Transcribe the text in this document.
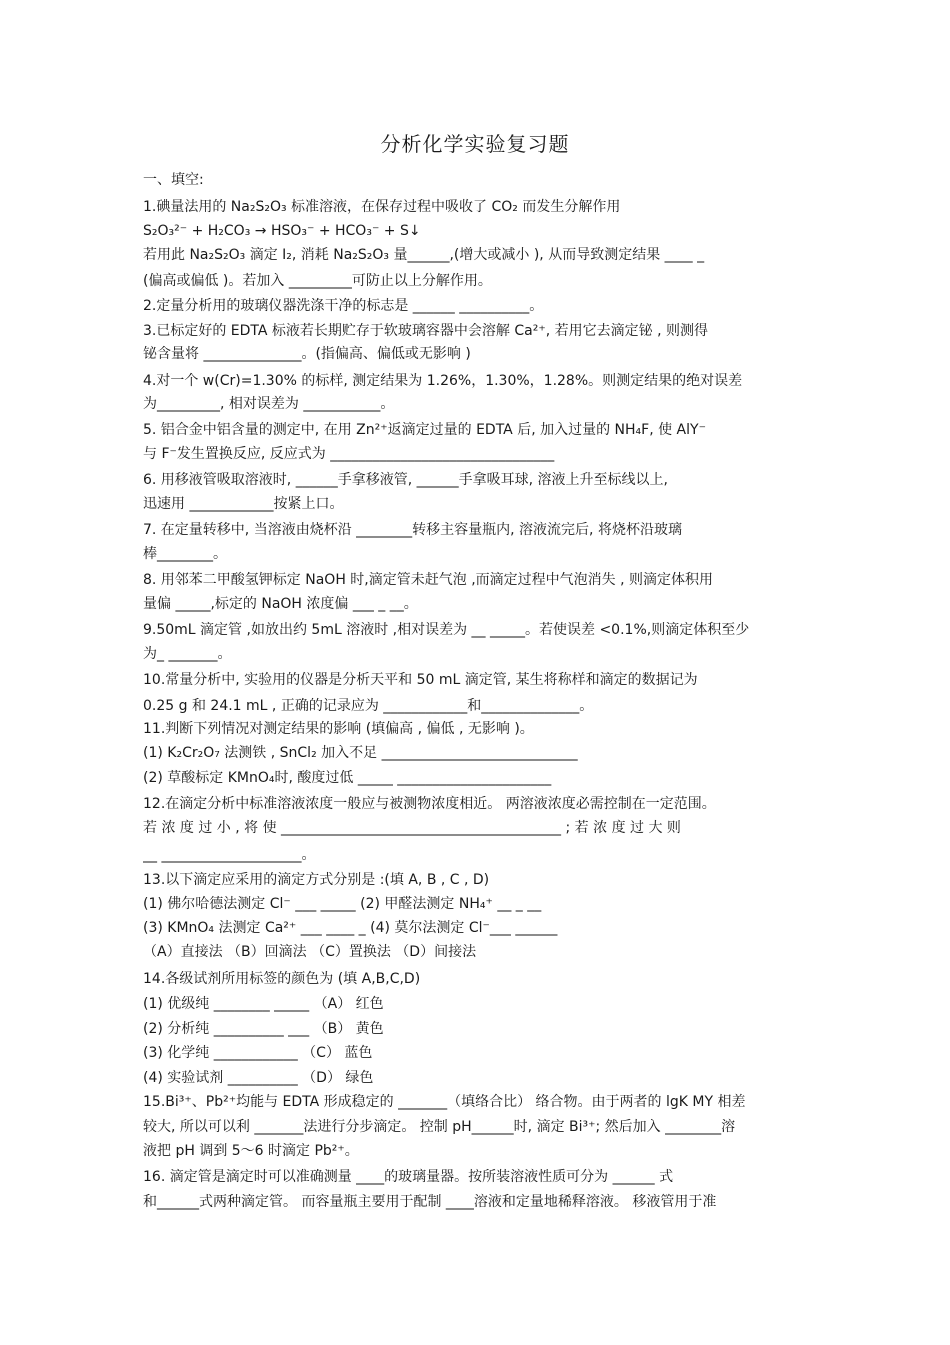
分析化学实验复习题
一、填空:
1.碘量法用的 Na₂S₂O₃ 标准溶液，在保存过程中吸收了 CO₂ 而发生分解作用
S₂O₃²⁻ + H₂CO₃ → HSO₃⁻ + HCO₃⁻ + S↓
若用此 Na₂S₂O₃ 滴定 I₂, 消耗 Na₂S₂O₃ 量______,(增大或减小 ), 从而导致测定结果 ____ _
(偏高或偏低 )。若加入 _________可防止以上分解作用。
2.定量分析用的玻璃仪器洗涤干净的标志是 ______ __________。
3.已标定好的 EDTA 标液若长期贮存于软玻璃容器中会溶解 Ca²⁺, 若用它去滴定铋 , 则测得
铋含量将 ______________。(指偏高、偏低或无影响 )
4.对一个 w(Cr)=1.30% 的标样, 测定结果为 1.26%，1.30%，1.28%。则测定结果的绝对误差
为_________, 相对误差为 ___________。
5. 铝合金中铝含量的测定中, 在用 Zn²⁺返滴定过量的 EDTA 后, 加入过量的 NH₄F, 使 AlY⁻
与 F⁻发生置换反应, 反应式为 ________________________________
6. 用移液管吸取溶液时, ______手拿移液管, ______手拿吸耳球, 溶液上升至标线以上,
迅速用 ____________按紧上口。
7. 在定量转移中, 当溶液由烧杯沿 ________转移主容量瓶内, 溶液流完后, 将烧杯沿玻璃
棒________。
8. 用邻苯二甲酸氢钾标定 NaOH 时,滴定管未赶气泡 ,而滴定过程中气泡消失 , 则滴定体积用
量偏 _____,标定的 NaOH 浓度偏 ___ _ __。
9.50mL 滴定管 ,如放出约 5mL 溶液时 ,相对误差为 __ _____。若使误差 <0.1%,则滴定体积至少
为_ _______。
10.常量分析中, 实验用的仪器是分析天平和 50 mL 滴定管, 某生将称样和滴定的数据记为
0.25 g 和 24.1 mL , 正确的记录应为 ____________和______________。
11.判断下列情况对测定结果的影响 (填偏高 , 偏低 , 无影响 )。
(1) K₂Cr₂O₇ 法测铁 , SnCl₂ 加入不足 ____________________________
(2) 草酸标定 KMnO₄时, 酸度过低 _____ ______________________
12.在滴定分析中标准溶液浓度一般应与被测物浓度相近。 两溶液浓度必需控制在一定范围。
若 浓 度 过 小 , 将 使 ________________________________________ ; 若 浓 度 过 大 则
__ ____________________。
13.以下滴定应采用的滴定方式分别是 :(填 A, B , C , D)
(1) 佛尔哈德法测定 Cl⁻ ___ _____ (2) 甲醛法测定 NH₄⁺ __ _ __
(3) KMnO₄ 法测定 Ca²⁺ ___ ____ _ (4) 莫尔法测定 Cl⁻___ ______
（A）直接法 （B）回滴法 （C）置换法 （D）间接法
14.各级试剂所用标签的颜色为 (填 A,B,C,D)
(1) 优级纯 ________ _____ （A） 红色
(2) 分析纯 __________ ___ （B） 黄色
(3) 化学纯 ____________ （C） 蓝色
(4) 实验试剂 __________ （D） 绿色
15.Bi³⁺、Pb²⁺均能与 EDTA 形成稳定的 _______（填络合比） 络合物。由于两者的 lgK MY 相差
较大, 所以可以利 _______法进行分步滴定。 控制 pH______时, 滴定 Bi³⁺; 然后加入 ________溶
液把 pH 调到 5～6 时滴定 Pb²⁺。
16. 滴定管是滴定时可以准确测量 ____的玻璃量器。按所装溶液性质可分为 ______ 式
和______式两种滴定管。 而容量瓶主要用于配制 ____溶液和定量地稀释溶液。 移液管用于准
